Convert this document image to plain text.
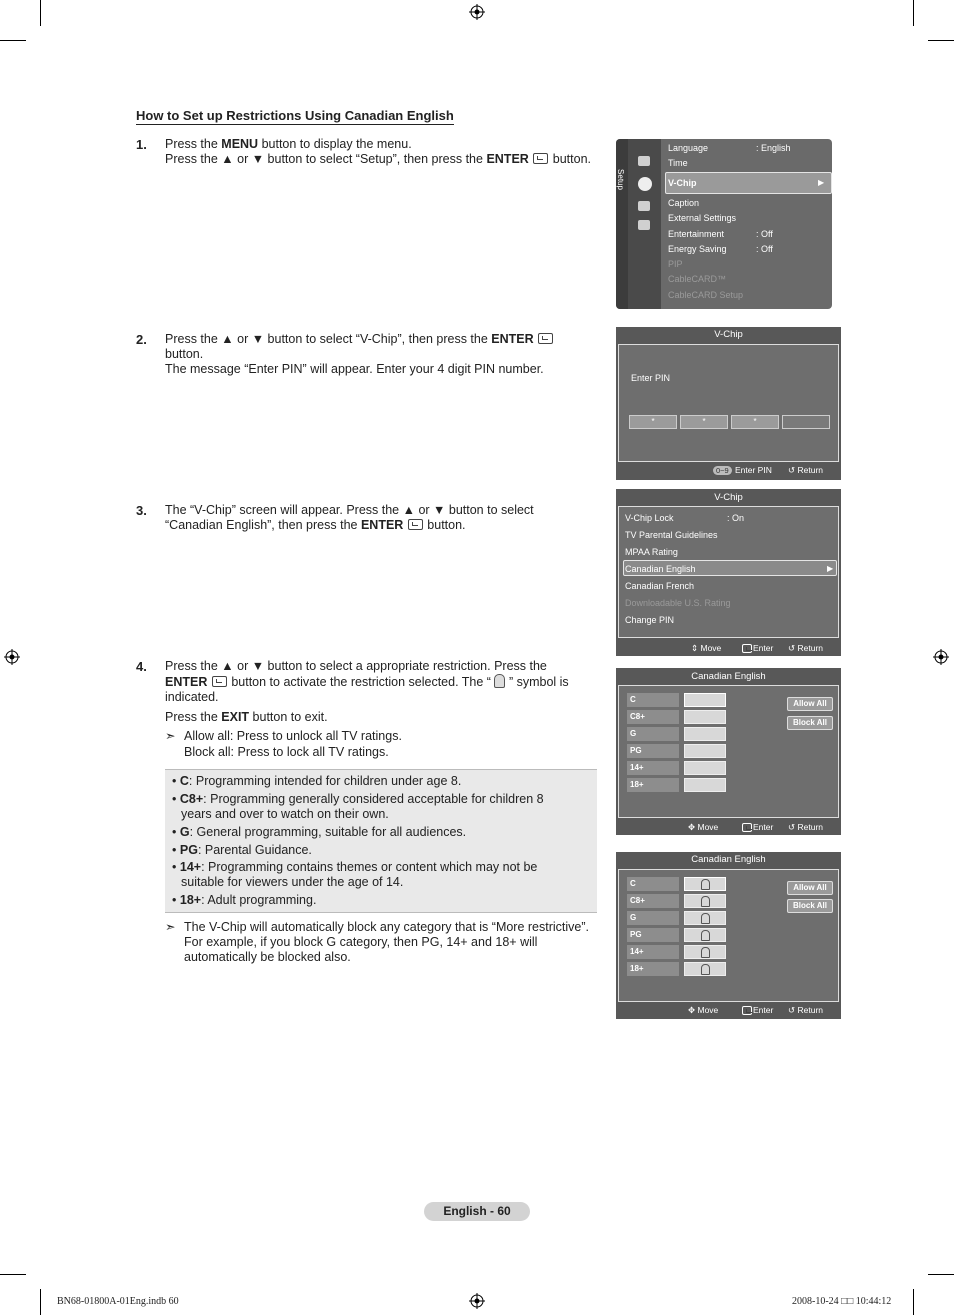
How to Set up Restrictions Using Canadian English
1. Press the MENU button to display the menu.
Press the ▲ or ▼ button to select “Setup”, then press the ENTER  button.
2. Press the ▲ or ▼ button to select “V-Chip”, then press the ENTER
button.
The message “Enter PIN” will appear. Enter your 4 digit PIN number.
3. The “V-Chip” screen will appear. Press the ▲ or ▼ button to select
“Canadian English”, then press the ENTER  button.
4. Press the ▲ or ▼ button to select a appropriate restriction. Press the
ENTER  button to activate the restriction selected. The “ ” symbol is
indicated.
Press the EXIT button to exit.
➣ Allow all: Press to unlock all TV ratings.
Block all: Press to lock all TV ratings.
• C: Programming intended for children under age 8.
• C8+: Programming generally considered acceptable for children 8
years and over to watch on their own.
• G: General programming, suitable for all audiences.
• PG: Parental Guidance.
• 14+: Programming contains themes or content which may not be
suitable for viewers under the age of 14.
• 18+: Adult programming.
➣ The V-Chip will automatically block any category that is “More restrictive”.
For example, if you block G category, then PG, 14+ and 18+ will
automatically be blocked also.
Setup
Language	: English
Time
V-Chip	▶
Caption
External Settings
Entertainment	: Off
Energy Saving	: Off
PIP
CableCARD™
CableCARD Setup
V-Chip
Enter PIN
*	*	*
0~9 Enter PIN ↺ Return
V-Chip
V-Chip Lock	: On
TV Parental Guidelines
MPAA Rating
Canadian English	▶
Canadian French
Downloadable U.S. Rating
Change PIN
⇕ Move	Enter ↺ Return
Canadian English
C
C8+
G
PG
14+
18+
Allow All
Block All
✥ Move	Enter ↺ Return
Canadian English
C
C8+
G
PG
14+
18+
Allow All
Block All
✥ Move	Enter ↺ Return
English - 60
BN68-01800A-01Eng.indb 60	2008-10-24 □□ 10:44:12
